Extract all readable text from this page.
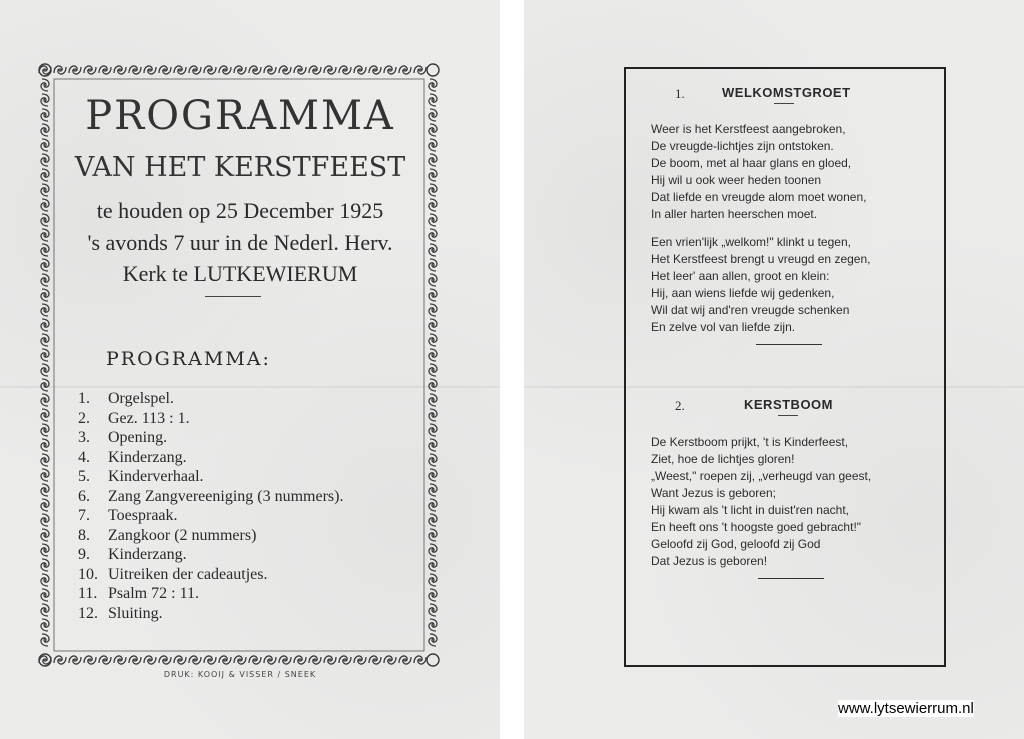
PROGRAMMA
VAN HET KERSTFEEST
te houden op 25 December 1925
's avonds 7 uur in de Nederl. Herv.
Kerk te LUTKEWIERUM
PROGRAMMA:
1. Orgelspel.
2. Gez. 113 : 1.
3. Opening.
4. Kinderzang.
5. Kinderverhaal.
6. Zang Zangvereeniging (3 nummers).
7. Toespraak.
8. Zangkoor (2 nummers)
9. Kinderzang.
10. Uitreiken der cadeautjes.
11. Psalm 72 : 11.
12. Sluiting.
DRUK: KOOIJ & VISSER / SNEEK
1.	WELKOMSTGROET
Weer is het Kerstfeest aangebroken,
De vreugde-lichtjes zijn ontstoken.
De boom, met al haar glans en gloed,
Hij wil u ook weer heden toonen
Dat liefde en vreugde alom moet wonen,
In aller harten heerschen moet.
Een vrien'lijk „welkom!" klinkt u tegen,
Het Kerstfeest brengt u vreugd en zegen,
Het leer' aan allen, groot en klein:
Hij, aan wiens liefde wij gedenken,
Wil dat wij and'ren vreugde schenken
En zelve vol van liefde zijn.
2.	KERSTBOOM
De Kerstboom prijkt, 't is Kinderfeest,
Ziet, hoe de lichtjes gloren!
„Weest," roepen zij, „verheugd van geest,
Want Jezus is geboren;
Hij kwam als 't licht in duist'ren nacht,
En heeft ons 't hoogste goed gebracht!"
Geloofd zij God, geloofd zij God
Dat Jezus is geboren!
www.lytsewierrum.nl
